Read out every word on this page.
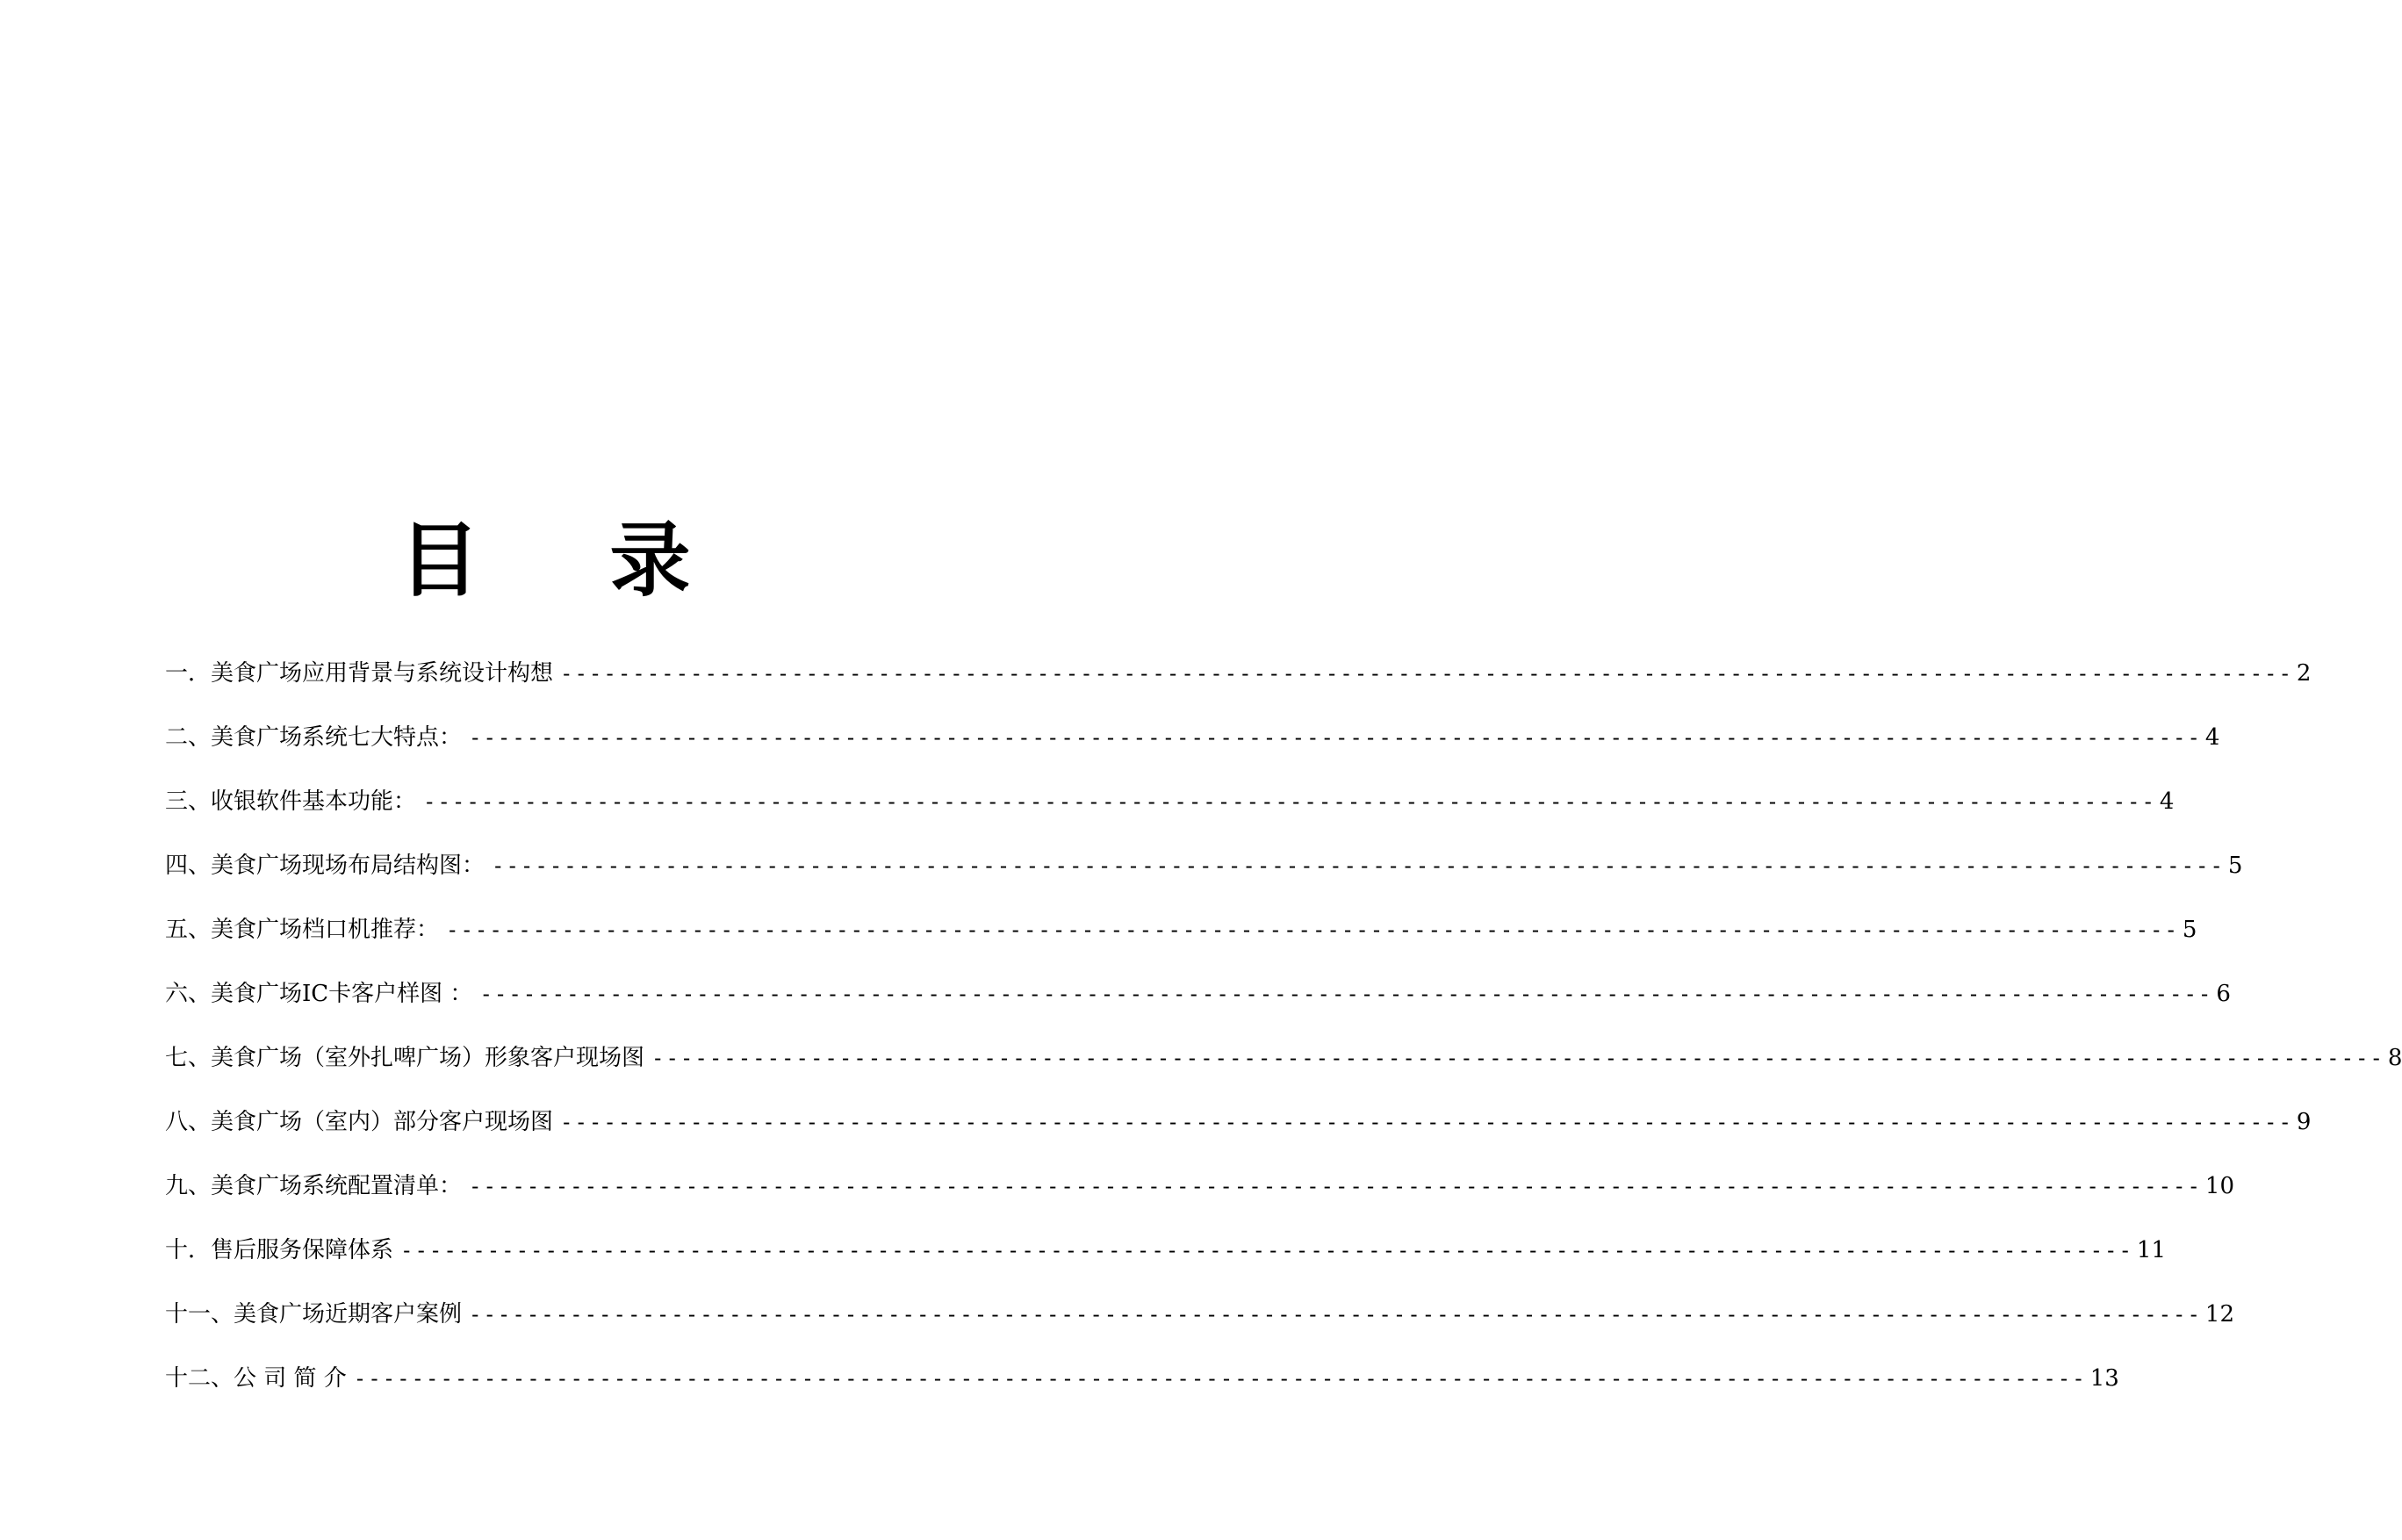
目 录
一．美食广场应用背景与系统设计构想 ------------------------------------------------------------------------------------------------------------------------ 2
二、美食广场系统七大特点： ------------------------------------------------------------------------------------------------------------------------ 4
三、收银软件基本功能： ------------------------------------------------------------------------------------------------------------------------ 4
四、美食广场现场布局结构图： ------------------------------------------------------------------------------------------------------------------------ 5
五、美食广场档口机推荐： ------------------------------------------------------------------------------------------------------------------------ 5
六、美食广场IC卡客户样图 ： ------------------------------------------------------------------------------------------------------------------------ 6
七、美食广场（室外扎啤广场）形象客户现场图 ------------------------------------------------------------------------------------------------------------------------ 8
八、美食广场（室内）部分客户现场图 ------------------------------------------------------------------------------------------------------------------------ 9
九、美食广场系统配置清单： ------------------------------------------------------------------------------------------------------------------------ 10
十．售后服务保障体系 ------------------------------------------------------------------------------------------------------------------------ 11
十一、美食广场近期客户案例 ------------------------------------------------------------------------------------------------------------------------ 12
十二、公 司 简 介 ------------------------------------------------------------------------------------------------------------------------ 13
